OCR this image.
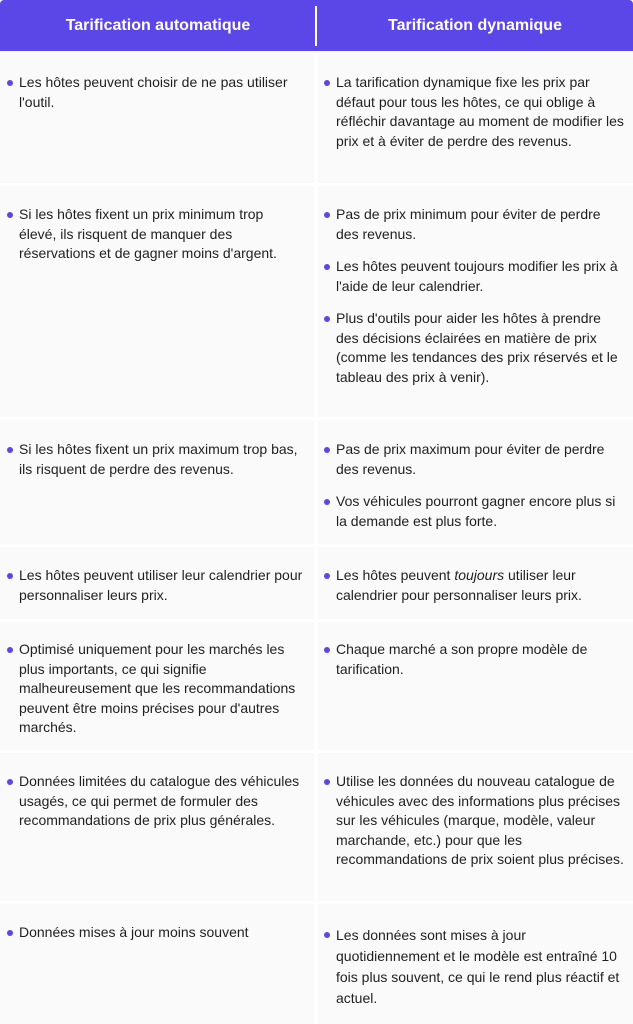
Tarification automatique	Tarification dynamique
Les hôtes peuvent choisir de ne pas utiliser l'outil.
La tarification dynamique fixe les prix par défaut pour tous les hôtes, ce qui oblige à réfléchir davantage au moment de modifier les prix et à éviter de perdre des revenus.
Si les hôtes fixent un prix minimum trop élevé, ils risquent de manquer des réservations et de gagner moins d'argent.
Pas de prix minimum pour éviter de perdre des revenus.
Les hôtes peuvent toujours modifier les prix à l'aide de leur calendrier.
Plus d'outils pour aider les hôtes à prendre des décisions éclairées en matière de prix (comme les tendances des prix réservés et le tableau des prix à venir).
Si les hôtes fixent un prix maximum trop bas, ils risquent de perdre des revenus.
Pas de prix maximum pour éviter de perdre des revenus.
Vos véhicules pourront gagner encore plus si la demande est plus forte.
Les hôtes peuvent utiliser leur calendrier pour personnaliser leurs prix.
Les hôtes peuvent toujours utiliser leur calendrier pour personnaliser leurs prix.
Optimisé uniquement pour les marchés les plus importants, ce qui signifie malheureusement que les recommandations peuvent être moins précises pour d'autres marchés.
Chaque marché a son propre modèle de tarification.
Données limitées du catalogue des véhicules usagés, ce qui permet de formuler des recommandations de prix plus générales.
Utilise les données du nouveau catalogue de véhicules avec des informations plus précises sur les véhicules (marque, modèle, valeur marchande, etc.) pour que les recommandations de prix soient plus précises.
Données mises à jour moins souvent	Les données sont mises à jour quotidiennement et le modèle est entraîné 10 fois plus souvent, ce qui le rend plus réactif et actuel.
